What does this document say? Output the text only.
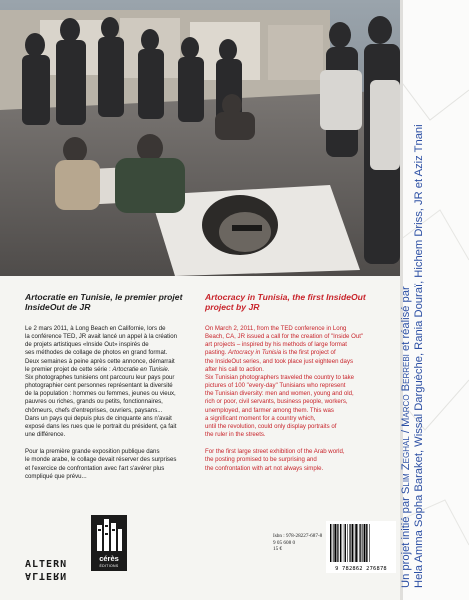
Artocratie en Tunisie, le premier projet InsideOut de JR

Le 2 mars 2011, à Long Beach en Californie, lors de
la conférence TED, JR avait lancé un appel à la création
de projets artistiques «Inside Out» inspirés de
ses méthodes de collage de photos en grand format.
Deux semaines à peine après cette annonce, démarrait
le premier projet de cette série : Artocratie en Tunisie.
Six photographes tunisiens ont parcouru leur pays pour
photographier cent personnes représentant la diversité
de la population : hommes ou femmes, jeunes ou vieux,
pauvres ou riches, grands ou petits, fonctionnaires,
chômeurs, chefs d'entreprises, ouvriers, paysans...
Dans un pays qui depuis plus de cinquante ans n'avait
exposé dans les rues que le portrait du président, ça fait
une différence.

Pour la première grande exposition publique dans
le monde arabe, le collage devait réserver des surprises
et l'exercice de confrontation avec l'art s'avérer plus
compliqué que prévu...

Artocracy in Tunisia, the first InsideOut project by JR

On March 2, 2011, from the TED conference in Long
Beach, CA, JR issued a call for the creation of "Inside Out"
art projects – inspired by his methods of large format
pasting. Artocracy in Tunisia is the first project of
the InsideOut series, and took place just eighteen days
after his call to action.
Six Tunisian photographers traveled the country to take
pictures of 100 "every-day" Tunisians who represent
the Tunisian diversity: men and women, young and old,
rich or poor, civil servants, business people, workers,
unemployed, and farmer among them. This was
a significant moment for a country which,
until the revolution, could only display portraits of
the ruler in the streets.

For the first large street exhibition of the Arab world,
the posting promised to be surprising and
the confrontation with art not always simple.

ALTERN
ALTERN
cérès
ÉDITIONS
Isbn : 978-28227-687-8
9 05 608 0
15 €
9 782862 276878	Un projet initié par Slim Zeghal / Marco Berrebi et réalisé par Hela Amma Sopha Baraket, Wissal Darguèche, Rania Douraï, Hichem Driss, JR et Aziz Tnani
